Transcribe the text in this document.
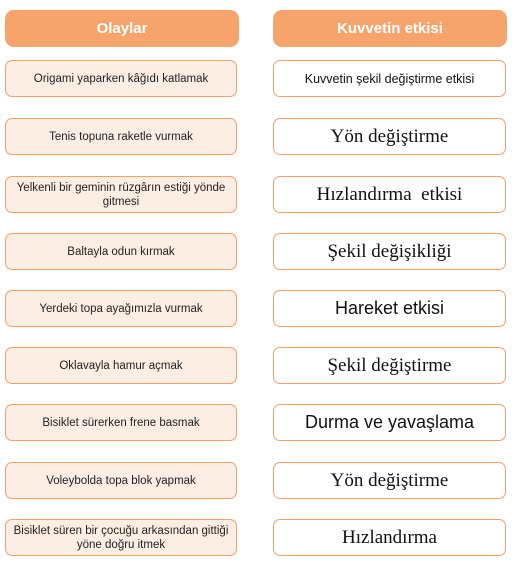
Olaylar	Kuvvetin etkisi
Origami yaparken kâğıdı katlamak	Kuvvetin şekil değiştirme etkisi
Tenis topuna raketle vurmak	Yön değiştirme
Yelkenli bir geminin rüzgârın estiği yönde gitmesi	Hızlandırma  etkisi
Baltayla odun kırmak	Şekil değişikliği
Yerdeki topa ayağımızla vurmak	Hareket etkisi
Oklavayla hamur açmak	Şekil değiştirme
Bisiklet sürerken frene basmak	Durma ve yavaşlama
Voleybolda topa blok yapmak	Yön değiştirme
Bisiklet süren bir çocuğu arkasından gittiği yöne doğru itmek	Hızlandırma
